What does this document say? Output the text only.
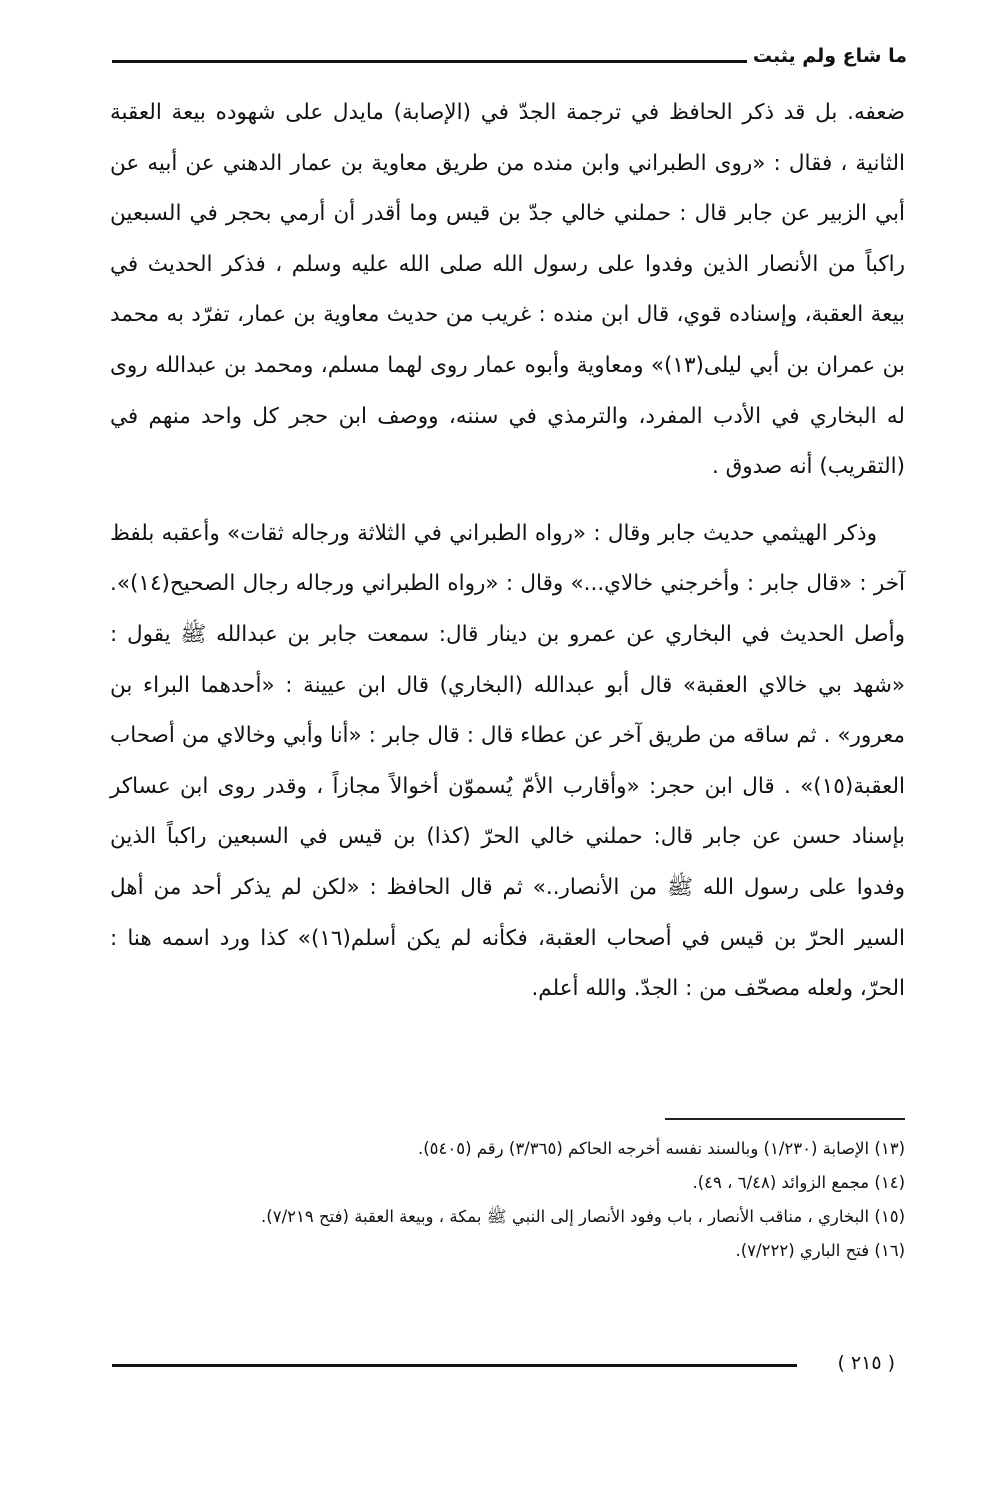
ما شاع ولم يثبت

ضعفه. بل قد ذكر الحافظ في ترجمة الجدّ في (الإصابة) مايدل على شهوده بيعة العقبة الثانية ، فقال : «روى الطبراني وابن منده من طريق معاوية بن عمار الدهني عن أبيه عن أبي الزبير عن جابر قال : حملني خالي جدّ بن قيس وما أقدر أن أرمي بحجر في السبعين راكباً من الأنصار الذين وفدوا على رسول الله صلى الله عليه وسلم ، فذكر الحديث في بيعة العقبة، وإسناده قوي، قال ابن منده : غريب من حديث معاوية بن عمار، تفرّد به محمد بن عمران بن أبي ليلى(١٣)» ومعاوية وأبوه عمار روى لهما مسلم، ومحمد بن عبدالله روى له البخاري في الأدب المفرد، والترمذي في سننه، ووصف ابن حجر كل واحد منهم في (التقريب) أنه صدوق .

وذكر الهيثمي حديث جابر وقال : «رواه الطبراني في الثلاثة ورجاله ثقات» وأعقبه بلفظ آخر : «قال جابر : وأخرجني خالاي...» وقال : «رواه الطبراني ورجاله رجال الصحيح(١٤)». وأصل الحديث في البخاري عن عمرو بن دينار قال: سمعت جابر بن عبدالله ﷺ يقول : «شهد بي خالاي العقبة» قال أبو عبدالله (البخاري) قال ابن عيينة : «أحدهما البراء بن معرور» . ثم ساقه من طريق آخر عن عطاء قال : قال جابر : «أنا وأبي وخالاي من أصحاب العقبة(١٥)» . قال ابن حجر: «وأقارب الأمّ يُسموّن أخوالاً مجازاً ، وقدر روى ابن عساكر بإسناد حسن عن جابر قال: حملني خالي الحرّ (كذا) بن قيس في السبعين راكباً الذين وفدوا على رسول الله ﷺ من الأنصار..» ثم قال الحافظ : «لكن لم يذكر أحد من أهل السير الحرّ بن قيس في أصحاب العقبة، فكأنه لم يكن أسلم(١٦)» كذا ورد اسمه هنا : الحرّ، ولعله مصحّف من : الجدّ. والله أعلم.

(١٣) الإصابة (١/٢٣٠) وبالسند نفسه أخرجه الحاكم (٣/٣٦٥) رقم (٥٤٠٥).

(١٤) مجمع الزوائد (٦/٤٨ ، ٤٩).

(١٥) البخاري ، مناقب الأنصار ، باب وفود الأنصار إلى النبي ﷺ بمكة ، وبيعة العقبة (فتح ٧/٢١٩).

(١٦) فتح الباري (٧/٢٢٢).

( ٢١٥ )
